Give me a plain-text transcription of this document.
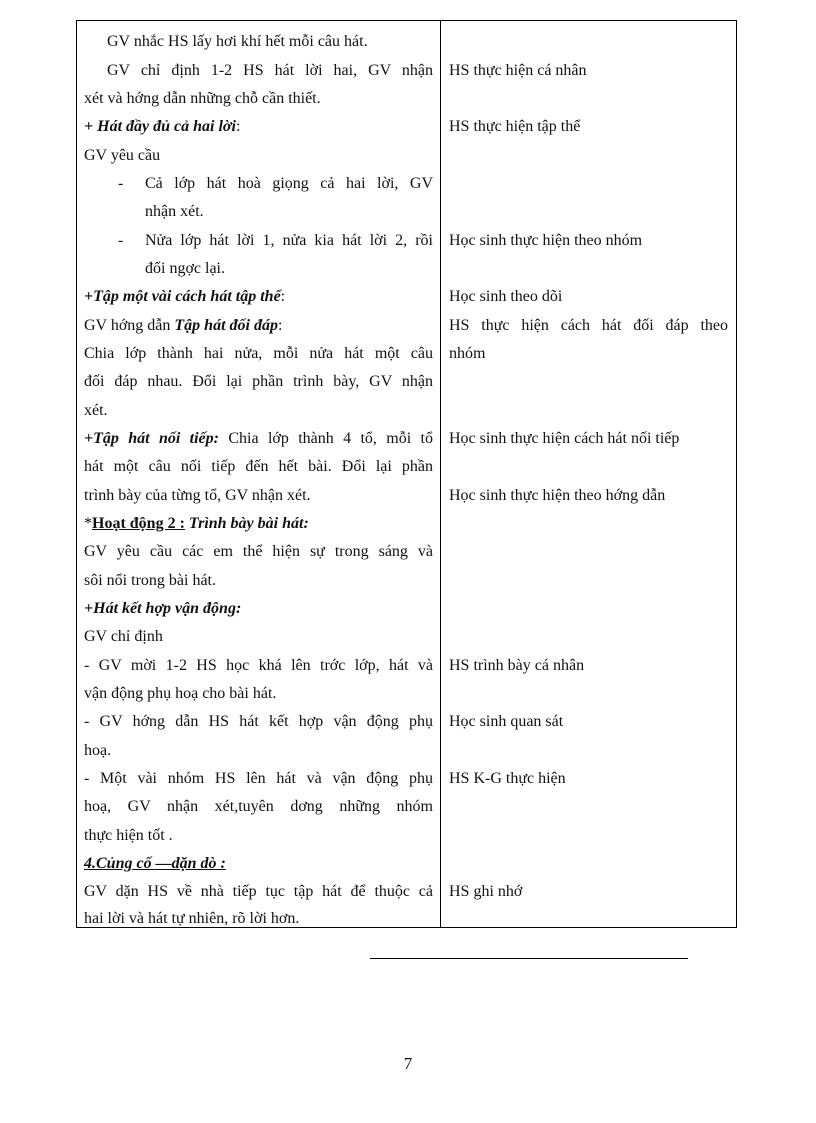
GV nhắc HS lấy hơi khí hết mỗi câu hát.
GV chỉ định 1-2 HS hát lời hai, GV nhận
xét và hớng dẫn những chỗ cần thiết.
+ Hát đầy đủ cả hai lời:
GV yêu cầu
- Cả lớp hát hoà giọng cả hai lời, GV
nhận xét.
- Nửa lớp hát lời 1, nửa kia hát lời 2, rồi
đổi ngợc lại.
+Tập một vài cách hát tập thể:
GV hớng dẫn Tập hát đối đáp:
Chia lớp thành hai nửa, mỗi nửa hát một câu
đối đáp nhau. Đổi lại phần trình bày, GV nhận
xét.
+Tập hát nối tiếp: Chia lớp thành 4 tổ, mỗi tổ
hát một câu nối tiếp đến hết bài. Đổi lại phần
trình bày của từng tổ, GV nhận xét.
*Hoạt động 2 : Trình bày bài hát:
GV yêu cầu các em thể hiện sự trong sáng và
sôi nổi trong bài hát.
+Hát kết hợp vận động:
GV chỉ định
- GV mời 1-2 HS học khá lên trớc lớp, hát và
vận động phụ hoạ cho bài hát.
- GV hớng dẫn HS hát kết hợp vận động phụ
hoạ.
- Một vài nhóm HS lên hát và vận động phụ
hoạ, GV nhận xét,tuyên dơng những nhóm
thực hiện tốt .
4.Củng cố —dặn dò :
GV dặn HS về nhà tiếp tục tập hát để thuộc cả
hai lời và hát tự nhiên, rõ lời hơn.
HS thực hiện cá nhân
HS thực hiện tập thể
Học sinh thực hiện theo nhóm
Học sinh theo dõi
HS thực hiện cách hát đối đáp theo
nhóm
Học sinh thực hiện cách hát nối tiếp
Học sinh thực hiện theo hớng dẫn
HS trình bày cá nhân
Học sinh quan sát
HS K-G thực hiện
HS ghi nhớ
7
